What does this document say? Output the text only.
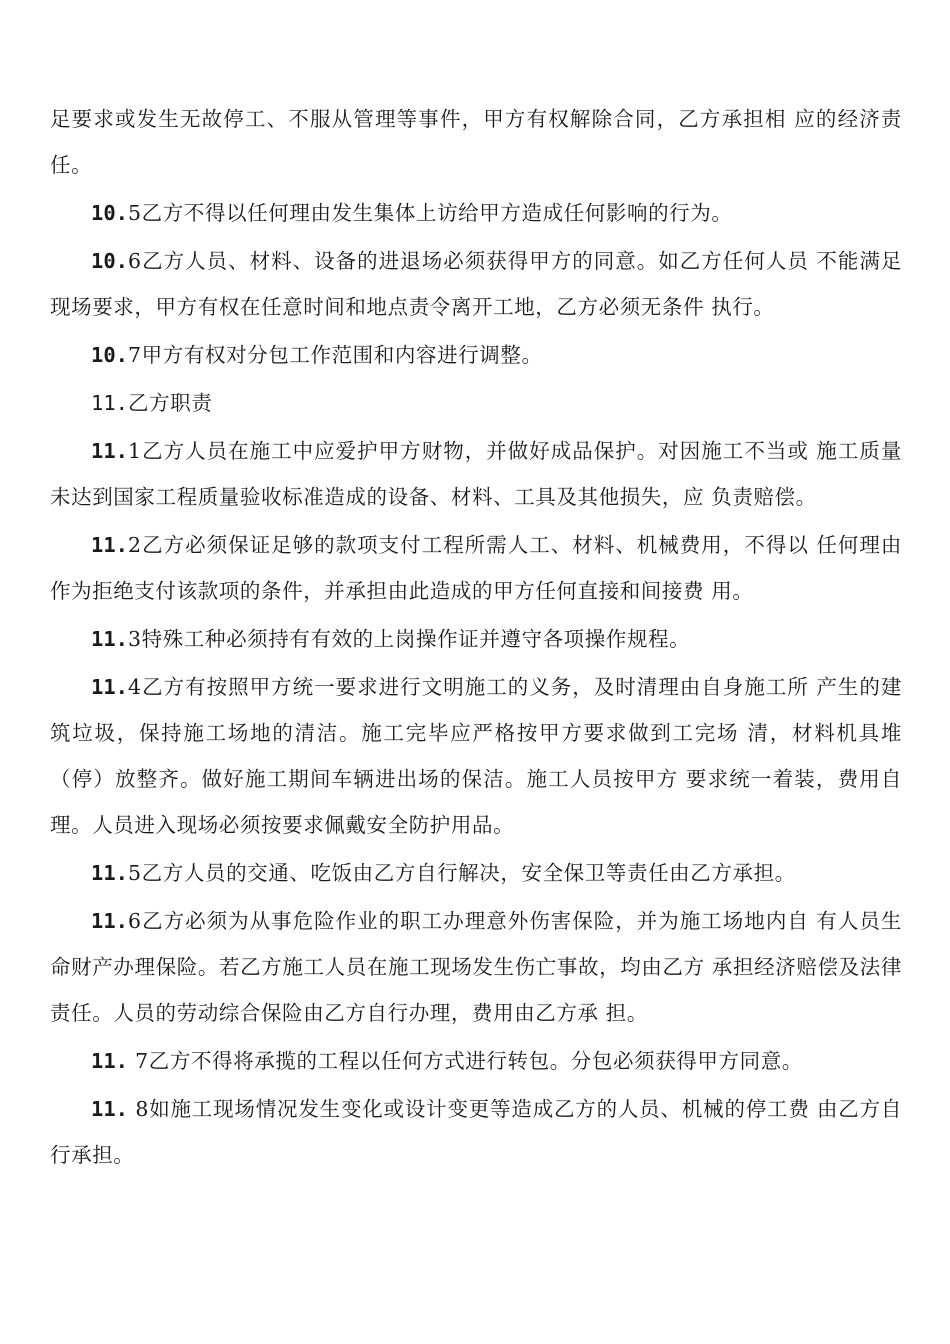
足要求或发生无故停工、不服从管理等事件，甲方有权解除合同，乙方承担相 应的经济责任。

10.5乙方不得以任何理由发生集体上访给甲方造成任何影响的行为。

10.6乙方人员、材料、设备的进退场必须获得甲方的同意。如乙方任何人员 不能满足现场要求，甲方有权在任意时间和地点责令离开工地，乙方必须无条件 执行。

10.7甲方有权对分包工作范围和内容进行调整。

11.乙方职责

11.1乙方人员在施工中应爱护甲方财物，并做好成品保护。对因施工不当或 施工质量未达到国家工程质量验收标准造成的设备、材料、工具及其他损失，应 负责赔偿。

11.2乙方必须保证足够的款项支付工程所需人工、材料、机械费用，不得以 任何理由作为拒绝支付该款项的条件，并承担由此造成的甲方任何直接和间接费 用。

11.3特殊工种必须持有有效的上岗操作证并遵守各项操作规程。

11.4乙方有按照甲方统一要求进行文明施工的义务，及时清理由自身施工所 产生的建筑垃圾，保持施工场地的清洁。施工完毕应严格按甲方要求做到工完场 清，材料机具堆（停）放整齐。做好施工期间车辆进出场的保洁。施工人员按甲方 要求统一着装，费用自理。人员进入现场必须按要求佩戴安全防护用品。

11.5乙方人员的交通、吃饭由乙方自行解决，安全保卫等责任由乙方承担。

11.6乙方必须为从事危险作业的职工办理意外伤害保险，并为施工场地内自 有人员生命财产办理保险。若乙方施工人员在施工现场发生伤亡事故，均由乙方 承担经济赔偿及法律责任。人员的劳动综合保险由乙方自行办理，费用由乙方承 担。

11. 7乙方不得将承揽的工程以任何方式进行转包。分包必须获得甲方同意。

11. 8如施工现场情况发生变化或设计变更等造成乙方的人员、机械的停工费 由乙方自行承担。
